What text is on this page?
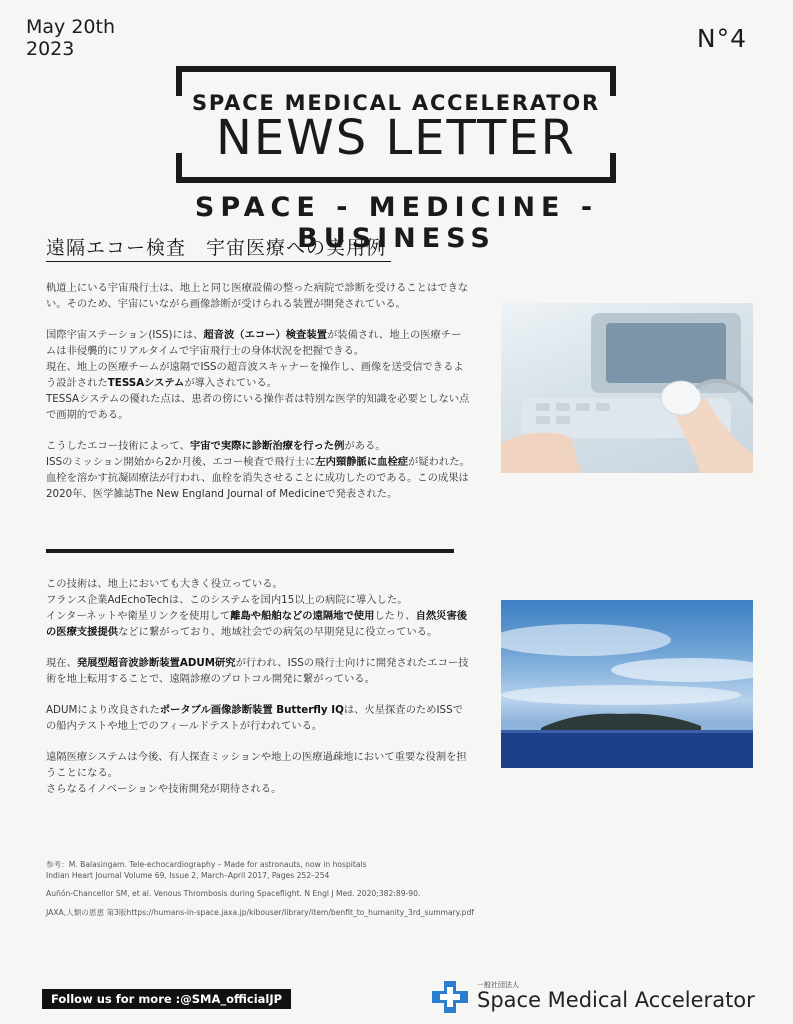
May 20th
2023	N°4
SPACE MEDICAL ACCELERATOR
NEWS LETTER
SPACE - MEDICINE - BUSINESS
遠隔エコー検査　宇宙医療への実用例

軌道上にいる宇宙飛行士は、地上と同じ医療設備の整った病院で診断を受けることはできない。そのため、宇宙にいながら画像診断が受けられる装置が開発されている。

国際宇宙ステーション(ISS)には、超音波（エコー）検査装置が装備され、地上の医療チームは非侵襲的にリアルタイムで宇宙飛行士の身体状況を把握できる。
現在、地上の医療チームが遠隔でISSの超音波スキャナーを操作し、画像を送受信できるよう設計されたTESSAシステムが導入されている。
TESSAシステムの優れた点は、患者の傍にいる操作者は特別な医学的知識を必要としない点で画期的である。

こうしたエコー技術によって、宇宙で実際に診断治療を行った例がある。
ISSのミッション開始から2か月後、エコー検査で飛行士に左内頸静脈に血栓症が疑われた。血栓を溶かす抗凝固療法が行われ、血栓を消失させることに成功したのである。この成果は2020年、医学雑誌The New England Journal of Medicineで発表された。

この技術は、地上においても大きく役立っている。
フランス企業AdEchoTechは、このシステムを国内15以上の病院に導入した。
インターネットや衛星リンクを使用して離島や船舶などの遠隔地で使用したり、自然災害後の医療支援提供などに繋がっており、地域社会での病気の早期発見に役立っている。

現在、発展型超音波診断装置ADUM研究が行われ、ISSの飛行士向けに開発されたエコー技術を地上転用することで、遠隔診療のプロトコル開発に繋がっている。

ADUMにより改良されたポータブル画像診断装置 Butterfly IQは、火星探査のためISSでの船内テストや地上でのフィールドテストが行われている。

遠隔医療システムは今後、有人探査ミッションや地上の医療過疎地において重要な役割を担うことになる。
さらなるイノベーションや技術開発が期待される。

参考：M. Balasingam. Tele-echocardiography – Made for astronauts, now in hospitals
Indian Heart Journal Volume 69, Issue 2, March–April 2017, Pages 252–254

Auñón-Chancellor SM, et al. Venous Thrombosis during Spaceflight. N Engl J Med. 2020;382:89-90.

JAXA,人類の恩恵 第3版https://humans-in-space.jaxa.jp/kibouser/library/item/benfit_to_humanity_3rd_summary.pdf

Follow us for more :@SMA_officialJP
一般社団法人
Space Medical Accelerator
